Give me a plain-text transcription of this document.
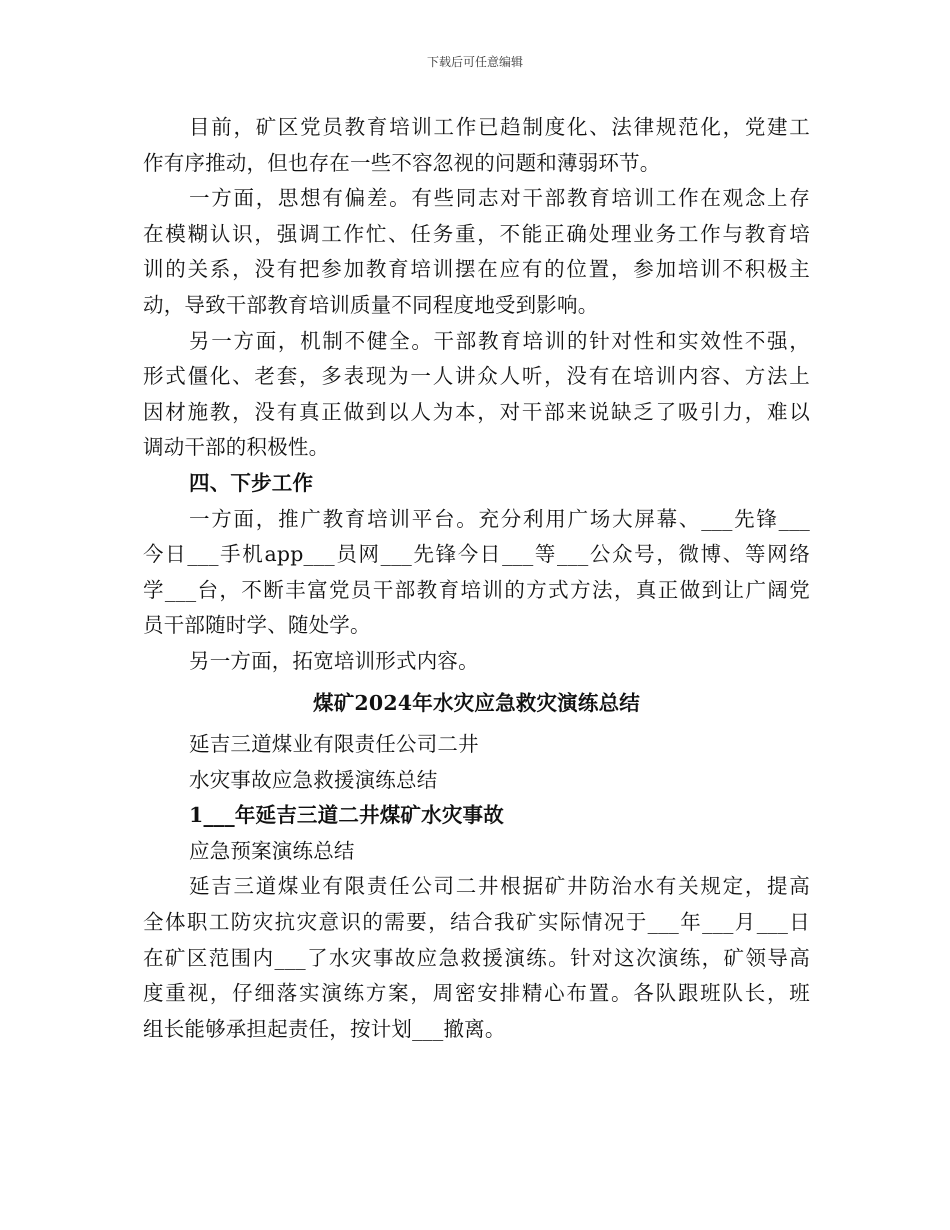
下载后可任意编辑
目前，矿区党员教育培训工作已趋制度化、法律规范化，党建工
作有序推动，但也存在一些不容忽视的问题和薄弱环节。
一方面，思想有偏差。有些同志对干部教育培训工作在观念上存
在模糊认识，强调工作忙、任务重，不能正确处理业务工作与教育培
训的关系，没有把参加教育培训摆在应有的位置，参加培训不积极主
动，导致干部教育培训质量不同程度地受到影响。
另一方面，机制不健全。干部教育培训的针对性和实效性不强，
形式僵化、老套，多表现为一人讲众人听，没有在培训内容、方法上
因材施教，没有真正做到以人为本，对干部来说缺乏了吸引力，难以
调动干部的积极性。
四、下步工作
一方面，推广教育培训平台。充分利用广场大屏幕、___先锋___
今日___手机app___员网___先锋今日___等___公众号，微博、等网络
学___台，不断丰富党员干部教育培训的方式方法，真正做到让广阔党
员干部随时学、随处学。
另一方面，拓宽培训形式内容。
煤矿2024年水灾应急救灾演练总结
延吉三道煤业有限责任公司二井
水灾事故应急救援演练总结
1___年延吉三道二井煤矿水灾事故
应急预案演练总结
延吉三道煤业有限责任公司二井根据矿井防治水有关规定，提高
全体职工防灾抗灾意识的需要，结合我矿实际情况于___年___月___日
在矿区范围内___了水灾事故应急救援演练。针对这次演练，矿领导高
度重视，仔细落实演练方案，周密安排精心布置。各队跟班队长，班
组长能够承担起责任，按计划___撤离。
